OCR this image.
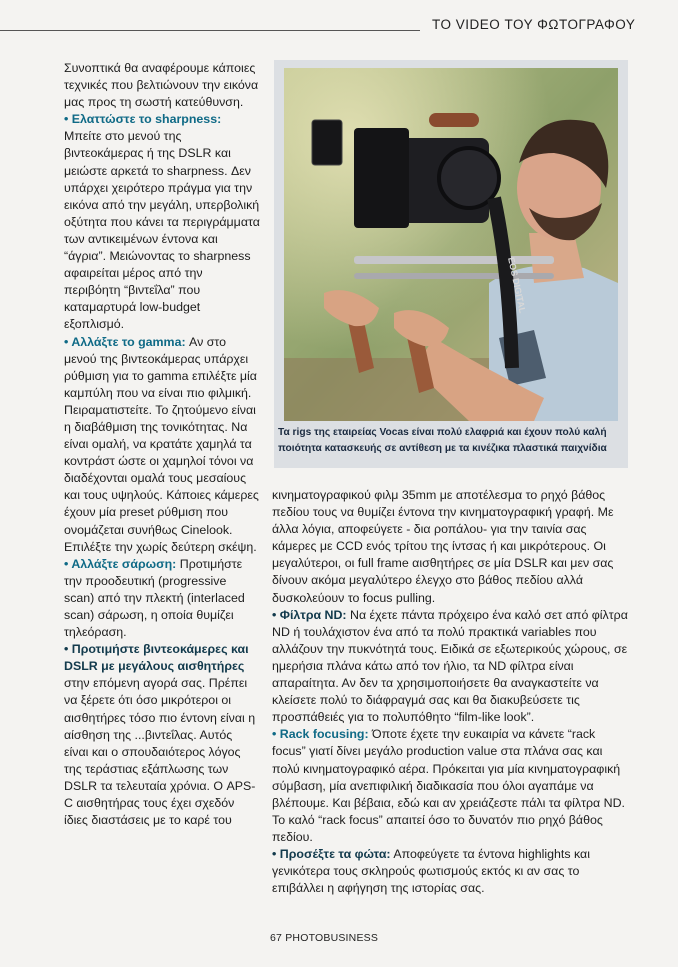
ΤΟ VIDEO ΤΟΥ ΦΩΤΟΓΡΑΦΟΥ

Συνοπτικά θα αναφέρουμε κάποιες τεχνικές που βελτιώνουν την εικόνα μας προς τη σωστή κατεύθυνση.

• Ελαττώστε το sharpness: Μπείτε στο μενού της βιντεοκάμερας ή της DSLR και μειώστε αρκετά το sharpness. Δεν υπάρχει χειρότερο πράγμα για την εικόνα από την μεγάλη, υπερβολική οξύτητα που κάνει τα περιγράμματα των αντικειμένων έντονα και “άγρια”. Μειώνοντας το sharpness αφαιρείται μέρος από την περιβόητη “βιντεΐλα” που καταμαρτυρά low-budget εξοπλισμό.

• Αλλάξτε το gamma: Αν στο μενού της βιντεοκάμερας υπάρχει ρύθμιση για το gamma επιλέξτε μία καμπύλη που να είναι πιο φιλμική. Πειραματιστείτε. Το ζητούμενο είναι η διαβάθμιση της τονικότητας. Να είναι ομαλή, να κρατάτε χαμηλά τα κοντράστ ώστε οι χαμηλοί τόνοι να διαδέχονται ομαλά τους μεσαίους και τους υψηλούς. Κάποιες κάμερες έχουν μία preset ρύθμιση που ονομάζεται συνήθως Cinelook. Επιλέξτε την χωρίς δεύτερη σκέψη.

• Αλλάξτε σάρωση: Προτιμήστε την προοδευτική (progressive scan) από την πλεκτή (interlaced scan) σάρωση, η οποία θυμίζει τηλεόραση.

• Προτιμήστε βιντεοκάμερες και DSLR με μεγάλους αισθητήρες στην επόμενη αγορά σας. Πρέπει να ξέρετε ότι όσο μικρότεροι οι αισθητήρες τόσο πιο έντονη είναι η αίσθηση της ...βιντεΐλας. Αυτός είναι και ο σπουδαιότερος λόγος της τεράστιας εξάπλωσης των DSLR τα τελευταία χρόνια. Ο APS-C αισθητήρας τους έχει σχεδόν ίδιες διαστάσεις με το καρέ του

EOS DIGITAL
Τα rigs της εταιρείας Vocas είναι πολύ ελαφριά και έχουν πολύ καλή ποιότητα κατασκευής σε αντίθεση με τα κινέζικα πλαστικά παιχνίδια

κινηματογραφικού φιλμ 35mm με αποτέλεσμα το ρηχό βάθος πεδίου τους να θυμίζει έντονα την κινηματογραφική γραφή. Με άλλα λόγια, αποφεύγετε - δια ροπάλου- για την ταινία σας κάμερες με CCD ενός τρίτου της ίντσας ή και μικρότερους. Οι μεγαλύτεροι, οι full frame αισθητήρες σε μία DSLR και μεν σας δίνουν ακόμα μεγαλύτερο έλεγχο στο βάθος πεδίου αλλά δυσκολεύουν το focus pulling.

• Φίλτρα ND: Να έχετε πάντα πρόχειρο ένα καλό σετ από φίλτρα ND ή τουλάχιστον ένα από τα πολύ πρακτικά variables που αλλάζουν την πυκνότητά τους. Ειδικά σε εξωτερικούς χώρους, σε ημερήσια πλάνα κάτω από τον ήλιο, τα ND φίλτρα είναι απαραίτητα. Αν δεν τα χρησιμοποιήσετε θα αναγκαστείτε να κλείσετε πολύ το διάφραγμά σας και θα διακυβεύσετε τις προσπάθειές για το πολυπόθητο “film-like look”.

• Rack focusing: Όποτε έχετε την ευκαιρία να κάνετε “rack focus” γιατί δίνει μεγάλο production value στα πλάνα σας και πολύ κινηματογραφικό αέρα. Πρόκειται για μία κινηματογραφική σύμβαση, μία ανεπιφιλική διαδικασία που όλοι αγαπάμε να βλέπουμε. Και βέβαια, εδώ και αν χρειάζεστε πάλι τα φίλτρα ND. Το καλό “rack focus” απαιτεί όσο το δυνατόν πιο ρηχό βάθος πεδίου.

• Προσέξτε τα φώτα: Αποφεύγετε τα έντονα highlights και γενικότερα τους σκληρούς φωτισμούς εκτός κι αν σας το επιβάλλει η αφήγηση της ιστορίας σας.

67 PHOTOBUSINESS
